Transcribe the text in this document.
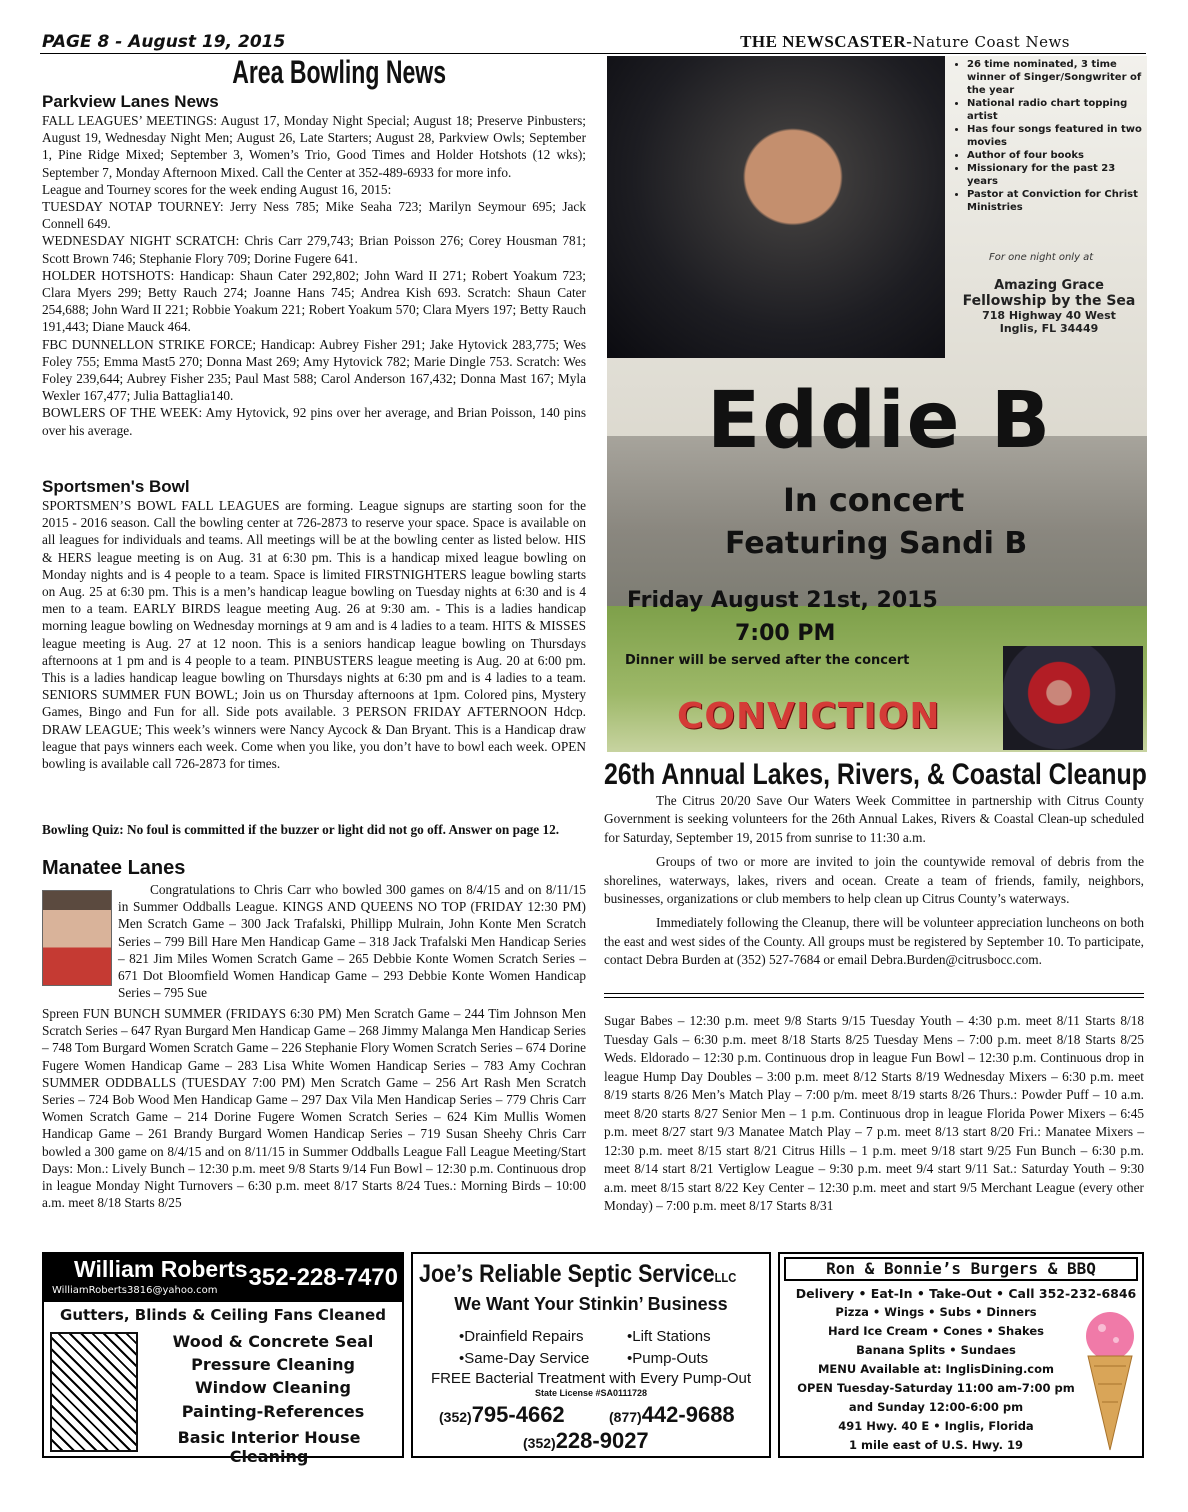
PAGE 8 - August 19, 2015	THE NEWSCASTER-Nature Coast News
Area Bowling News
Parkview Lanes News

FALL LEAGUES’ MEETINGS: August 17, Monday Night Special; August 18; Preserve Pinbusters; August 19, Wednesday Night Men; August 26, Late Starters; August 28, Parkview Owls; September 1, Pine Ridge Mixed; September 3, Women’s Trio, Good Times and Holder Hotshots (12 wks); September 7, Monday Afternoon Mixed. Call the Center at 352-489-6933 for more info.

League and Tourney scores for the week ending August 16, 2015:

TUESDAY NOTAP TOURNEY: Jerry Ness 785; Mike Seaha 723; Marilyn Seymour 695; Jack Connell 649.

WEDNESDAY NIGHT SCRATCH: Chris Carr 279,743; Brian Poisson 276; Corey Housman 781; Scott Brown 746; Stephanie Flory 709; Dorine Fugere 641.

HOLDER HOTSHOTS: Handicap: Shaun Cater 292,802; John Ward II 271; Robert Yoakum 723; Clara Myers 299; Betty Rauch 274; Joanne Hans 745; Andrea Kish 693. Scratch: Shaun Cater 254,688; John Ward II 221; Robbie Yoakum 221; Robert Yoakum 570; Clara Myers 197; Betty Rauch 191,443; Diane Mauck 464.

FBC DUNNELLON STRIKE FORCE; Handicap: Aubrey Fisher 291; Jake Hytovick 283,775; Wes Foley 755; Emma Mast5 270; Donna Mast 269; Amy Hytovick 782; Marie Dingle 753. Scratch: Wes Foley 239,644; Aubrey Fisher 235; Paul Mast 588; Carol Anderson 167,432; Donna Mast 167; Myla Wexler 167,477; Julia Battaglia140.

BOWLERS OF THE WEEK: Amy Hytovick, 92 pins over her average, and Brian Poisson, 140 pins over his average.

Sportsmen's Bowl
SPORTSMEN’S BOWL FALL LEAGUES are forming. League signups are starting soon for the 2015 - 2016 season. Call the bowling center at 726-2873 to reserve your space. Space is available on all leagues for individuals and teams. All meetings will be at the bowling center as listed below. HIS & HERS league meeting is on Aug. 31 at 6:30 pm. This is a handicap mixed league bowling on Monday nights and is 4 people to a team. Space is limited FIRSTNIGHTERS league bowling starts on Aug. 25 at 6:30 pm. This is a men’s handicap league bowling on Tuesday nights at 6:30 and is 4 men to a team. EARLY BIRDS league meeting Aug. 26 at 9:30 am. - This is a ladies handicap morning league bowling on Wednesday mornings at 9 am and is 4 ladies to a team. HITS & MISSES league meeting is Aug. 27 at 12 noon. This is a seniors handicap league bowling on Thursdays afternoons at 1 pm and is 4 people to a team. PINBUSTERS league meeting is Aug. 20 at 6:00 pm. This is a ladies handicap league bowling on Thursdays nights at 6:30 pm and is 4 ladies to a team. SENIORS SUMMER FUN BOWL; Join us on Thursday afternoons at 1pm. Colored pins, Mystery Games, Bingo and Fun for all. Side pots available. 3 PERSON FRIDAY AFTERNOON Hdcp. DRAW LEAGUE; This week’s winners were Nancy Aycock & Dan Bryant. This is a Handicap draw league that pays winners each week. Come when you like, you don’t have to bowl each week. OPEN bowling is available call 726-2873 for times.
Bowling Quiz: No foul is committed if the buzzer or light did not go off. Answer on page 12.
Manatee Lanes
Congratulations to Chris Carr who bowled 300 games on 8/4/15 and on 8/11/15 in Summer Oddballs League. KINGS AND QUEENS NO TOP (FRIDAY 12:30 PM) Men Scratch Game – 300 Jack Trafalski, Phillipp Mulrain, John Konte Men Scratch Series – 799 Bill Hare Men Handicap Game – 318 Jack Trafalski Men Handicap Series – 821 Jim Miles Women Scratch Game – 265 Debbie Konte Women Scratch Series – 671 Dot Bloomfield Women Handicap Game – 293 Debbie Konte Women Handicap Series – 795 Sue
Spreen FUN BUNCH SUMMER (FRIDAYS 6:30 PM) Men Scratch Game – 244 Tim Johnson Men Scratch Series – 647 Ryan Burgard Men Handicap Game – 268 Jimmy Malanga Men Handicap Series – 748 Tom Burgard Women Scratch Game – 226 Stephanie Flory Women Scratch Series – 674 Dorine Fugere Women Handicap Game – 283 Lisa White Women Handicap Series – 783 Amy Cochran SUMMER ODDBALLS (TUESDAY 7:00 PM) Men Scratch Game – 256 Art Rash Men Scratch Series – 724 Bob Wood Men Handicap Game – 297 Dax Vila Men Handicap Series – 779 Chris Carr Women Scratch Game – 214 Dorine Fugere Women Scratch Series – 624 Kim Mullis Women Handicap Game – 261 Brandy Burgard Women Handicap Series – 719 Susan Sheehy Chris Carr bowled a 300 game on 8/4/15 and on 8/11/15 in Summer Oddballs League Fall League Meeting/Start Days: Mon.: Lively Bunch – 12:30 p.m. meet 9/8 Starts 9/14 Fun Bowl – 12:30 p.m. Continuous drop in league Monday Night Turnovers – 6:30 p.m. meet 8/17 Starts 8/24 Tues.: Morning Birds – 10:00 a.m. meet 8/18 Starts 8/25
• 26 time nominated, 3 time winner of Singer/Songwriter of the year
• National radio chart topping artist
• Has four songs featured in two movies
• Author of four books
• Missionary for the past 23 years
• Pastor at Conviction for Christ Ministries
For one night only at
Amazing Grace
Fellowship by the Sea
718 Highway 40 West
Inglis, FL 34449
Eddie B
In concert
Featuring Sandi B
Friday August 21st, 2015
7:00 PM
Dinner will be served after the concert
CONVICTION
26th Annual Lakes, Rivers, & Coastal Cleanup

The Citrus 20/20 Save Our Waters Week Committee in partnership with Citrus County Government is seeking volunteers for the 26th Annual Lakes, Rivers & Coastal Clean-up scheduled for Saturday, September 19, 2015 from sunrise to 11:30 a.m.

Groups of two or more are invited to join the countywide removal of debris from the shorelines, waterways, lakes, rivers and ocean. Create a team of friends, family, neighbors, businesses, organizations or club members to help clean up Citrus County’s waterways.

Immediately following the Cleanup, there will be volunteer appreciation luncheons on both the east and west sides of the County. All groups must be registered by September 10. To participate, contact Debra Burden at (352) 527-7684 or email Debra.Burden@citrusbocc.com.

Sugar Babes – 12:30 p.m. meet 9/8 Starts 9/15 Tuesday Youth – 4:30 p.m. meet 8/11 Starts 8/18 Tuesday Gals – 6:30 p.m. meet 8/18 Starts 8/25 Tuesday Mens – 7:00 p.m. meet 8/18 Starts 8/25 Weds. Eldorado – 12:30 p.m. Continuous drop in league Fun Bowl – 12:30 p.m. Continuous drop in league Hump Day Doubles – 3:00 p.m. meet 8/12 Starts 8/19 Wednesday Mixers – 6:30 p.m. meet 8/19 starts 8/26 Men’s Match Play – 7:00 p/m. meet 8/19 starts 8/26 Thurs.: Powder Puff – 10 a.m. meet 8/20 starts 8/27 Senior Men – 1 p.m. Continuous drop in league Florida Power Mixers – 6:45 p.m. meet 8/27 start 9/3 Manatee Match Play – 7 p.m. meet 8/13 start 8/20 Fri.: Manatee Mixers – 12:30 p.m. meet 8/15 start 8/21 Citrus Hills – 1 p.m. meet 9/18 start 9/25 Fun Bunch – 6:30 p.m. meet 8/14 start 8/21 Vertiglow League – 9:30 p.m. meet 9/4 start 9/11 Sat.: Saturday Youth – 9:30 a.m. meet 8/15 start 8/22 Key Center – 12:30 p.m. meet and start 9/5 Merchant League (every other Monday) – 7:00 p.m. meet 8/17 Starts 8/31
William Roberts
WilliamRoberts3816@yahoo.com 352-228-7470
Gutters, Blinds & Ceiling Fans Cleaned
Wood & Concrete Seal
Pressure Cleaning
Window Cleaning
Painting-References
Basic Interior House Cleaning
Joe’s Reliable Septic ServiceLLC
We Want Your Stinkin’ Business
•Drainfield Repairs	•Lift Stations
•Same-Day Service	•Pump-Outs
FREE Bacterial Treatment with Every Pump-Out
State License #SA0111728
(352)795-4662	(877)442-9688
(352)228-9027
Ron & Bonnie’s Burgers & BBQ
Delivery • Eat-In • Take-Out • Call 352-232-6846
Pizza • Wings • Subs • Dinners
Hard Ice Cream • Cones • Shakes
Banana Splits • Sundaes
MENU Available at: InglisDining.com
OPEN Tuesday-Saturday 11:00 am-7:00 pm
and Sunday 12:00-6:00 pm
491 Hwy. 40 E • Inglis, Florida
1 mile east of U.S. Hwy. 19
